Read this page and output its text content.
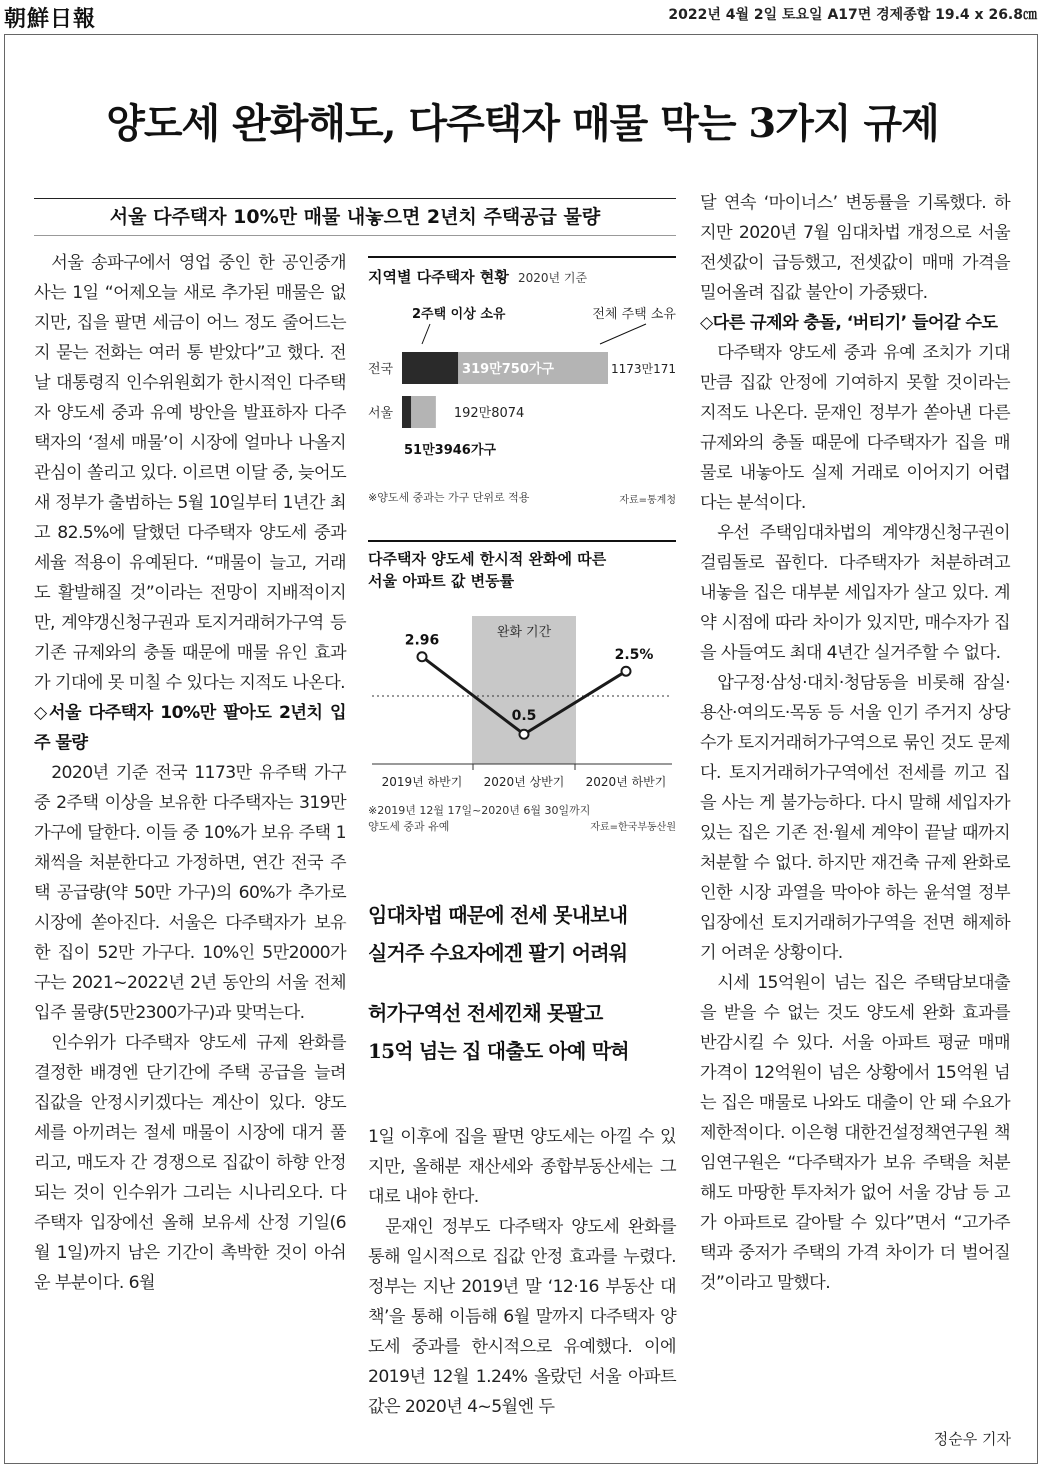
朝鮮日報	2022년 4월 2일 토요일 A17면 경제종합 19.4 x 26.8㎝
양도세 완화해도, 다주택자 매물 막는 3가지 규제
서울 다주택자 10%만 매물 내놓으면 2년치 주택공급 물량

서울 송파구에서 영업 중인 한 공인중개사는 1일 “어제오늘 새로 추가된 매물은 없지만, 집을 팔면 세금이 어느 정도 줄어드는지 묻는 전화는 여러 통 받았다”고 했다. 전날 대통령직 인수위원회가 한시적인 다주택자 양도세 중과 유예 방안을 발표하자 다주택자의 ‘절세 매물’이 시장에 얼마나 나올지 관심이 쏠리고 있다. 이르면 이달 중, 늦어도 새 정부가 출범하는 5월 10일부터 1년간 최고 82.5%에 달했던 다주택자 양도세 중과세율 적용이 유예된다. “매물이 늘고, 거래도 활발해질 것”이라는 전망이 지배적이지만, 계약갱신청구권과 토지거래허가구역 등 기존 규제와의 충돌 때문에 매물 유인 효과가 기대에 못 미칠 수 있다는 지적도 나온다.

◇서울 다주택자 10%만 팔아도 2년치 입주 물량

2020년 기준 전국 1173만 유주택 가구 중 2주택 이상을 보유한 다주택자는 319만 가구에 달한다. 이들 중 10%가 보유 주택 1채씩을 처분한다고 가정하면, 연간 전국 주택 공급량(약 50만 가구)의 60%가 추가로 시장에 쏟아진다. 서울은 다주택자가 보유한 집이 52만 가구다. 10%인 5만2000가구는 2021~2022년 2년 동안의 서울 전체 입주 물량(5만2300가구)과 맞먹는다.

인수위가 다주택자 양도세 규제 완화를 결정한 배경엔 단기간에 주택 공급을 늘려 집값을 안정시키겠다는 계산이 있다. 양도세를 아끼려는 절세 매물이 시장에 대거 풀리고, 매도자 간 경쟁으로 집값이 하향 안정되는 것이 인수위가 그리는 시나리오다. 다주택자 입장에선 올해 보유세 산정 기일(6월 1일)까지 남은 기간이 촉박한 것이 아쉬운 부분이다. 6월

1일 이후에 집을 팔면 양도세는 아낄 수 있지만, 올해분 재산세와 종합부동산세는 그대로 내야 한다.

문재인 정부도 다주택자 양도세 완화를 통해 일시적으로 집값 안정 효과를 누렸다. 정부는 지난 2019년 말 ‘12·16 부동산 대책’을 통해 이듬해 6월 말까지 다주택자 양도세 중과를 한시적으로 유예했다. 이에 2019년 12월 1.24% 올랐던 서울 아파트값은 2020년 4~5월엔 두

달 연속 ‘마이너스’ 변동률을 기록했다. 하지만 2020년 7월 임대차법 개정으로 서울 전셋값이 급등했고, 전셋값이 매매 가격을 밀어올려 집값 불안이 가중됐다.

◇다른 규제와 충돌, ‘버티기’ 들어갈 수도

다주택자 양도세 중과 유예 조치가 기대만큼 집값 안정에 기여하지 못할 것이라는 지적도 나온다. 문재인 정부가 쏟아낸 다른 규제와의 충돌 때문에 다주택자가 집을 매물로 내놓아도 실제 거래로 이어지기 어렵다는 분석이다.

우선 주택임대차법의 계약갱신청구권이 걸림돌로 꼽힌다. 다주택자가 처분하려고 내놓을 집은 대부분 세입자가 살고 있다. 계약 시점에 따라 차이가 있지만, 매수자가 집을 사들여도 최대 4년간 실거주할 수 없다.

압구정·삼성·대치·청담동을 비롯해 잠실·용산·여의도·목동 등 서울 인기 주거지 상당수가 토지거래허가구역으로 묶인 것도 문제다. 토지거래허가구역에선 전세를 끼고 집을 사는 게 불가능하다. 다시 말해 세입자가 있는 집은 기존 전·월세 계약이 끝날 때까지 처분할 수 없다. 하지만 재건축 규제 완화로 인한 시장 과열을 막아야 하는 윤석열 정부 입장에선 토지거래허가구역을 전면 해제하기 어려운 상황이다.

시세 15억원이 넘는 집은 주택담보대출을 받을 수 없는 것도 양도세 완화 효과를 반감시킬 수 있다. 서울 아파트 평균 매매 가격이 12억원이 넘은 상황에서 15억원 넘는 집은 매물로 나와도 대출이 안 돼 수요가 제한적이다. 이은형 대한건설정책연구원 책임연구원은 “다주택자가 보유 주택을 처분해도 마땅한 투자처가 없어 서울 강남 등 고가 아파트로 갈아탈 수 있다”면서 “고가주택과 중저가 주택의 가격 차이가 더 벌어질 것”이라고 말했다.

지역별 다주택자 현황 2020년 기준
2주택 이상 소유	전체 주택 소유
전국	319만750가구	1173만171
서울	192만8074
51만3946가구
※양도세 중과는 가구 단위로 적용	자료=통계청
다주택자 양도세 한시적 완화에 따른
서울 아파트 값 변동률
완화 기간
2.96
0.5
2.5%
2019년 하반기 2020년 상반기 2020년 하반기
※2019년 12월 17일~2020년 6월 30일까지
양도세 중과 유예	자료=한국부동산원
임대차법 때문에 전세 못내보내
실거주 수요자에겐 팔기 어려워
허가구역선 전세낀채 못팔고
15억 넘는 집 대출도 아예 막혀
정순우 기자
